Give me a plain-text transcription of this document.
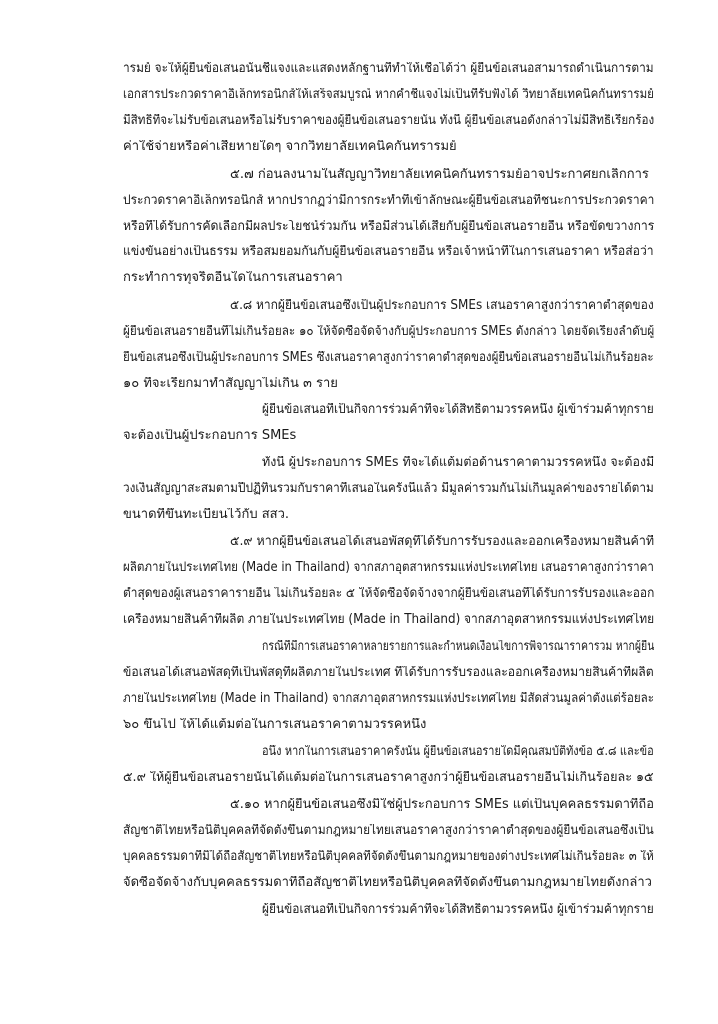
ารมย์ จะให้ผู้ยื่นข้อเสนอนั้นชี้แจงและแสดงหลักฐานที่ทำให้เชื่อได้ว่า ผู้ยื่นข้อเสนอสามารถดำเนินการตาม
เอกสารประกวดราคาอิเล็กทรอนิกส์ให้เสร็จสมบูรณ์ หากคำชี้แจงไม่เป็นที่รับฟังได้ วิทยาลัยเทคนิคกันทรารมย์
มีสิทธิที่จะไม่รับข้อเสนอหรือไม่รับราคาของผู้ยื่นข้อเสนอรายนั้น ทั้งนี้ ผู้ยื่นข้อเสนอดังกล่าวไม่มีสิทธิเรียกร้อง
ค่าใช้จ่ายหรือค่าเสียหายใดๆ จากวิทยาลัยเทคนิคกันทรารมย์
๕.๗ ก่อนลงนามในสัญญาวิทยาลัยเทคนิคกันทรารมย์อาจประกาศยกเลิกการ
ประกวดราคาอิเล็กทรอนิกส์ หากปรากฏว่ามีการกระทำที่เข้าลักษณะผู้ยื่นข้อเสนอที่ชนะการประกวดราคา
หรือที่ได้รับการคัดเลือกมีผลประโยชน์ร่วมกัน หรือมีส่วนได้เสียกับผู้ยื่นข้อเสนอรายอื่น หรือขัดขวางการ
แข่งขันอย่างเป็นธรรม หรือสมยอมกันกับผู้ยื่นข้อเสนอรายอื่น หรือเจ้าหน้าที่ในการเสนอราคา หรือส่อว่า
กระทำการทุจริตอื่นใดในการเสนอราคา
๕.๘ หากผู้ยื่นข้อเสนอซึ่งเป็นผู้ประกอบการ SMEs เสนอราคาสูงกว่าราคาต่ำสุดของ
ผู้ยื่นข้อเสนอรายอื่นที่ไม่เกินร้อยละ ๑๐ ให้จัดซื้อจัดจ้างกับผู้ประกอบการ SMEs ดังกล่าว โดยจัดเรียงลำดับผู้
ยื่นข้อเสนอซึ่งเป็นผู้ประกอบการ SMEs ซึ่งเสนอราคาสูงกว่าราคาต่ำสุดของผู้ยื่นข้อเสนอรายอื่นไม่เกินร้อยละ
๑๐ ที่จะเรียกมาทำสัญญาไม่เกิน ๓ ราย
ผู้ยื่นข้อเสนอที่เป็นกิจการร่วมค้าที่จะได้สิทธิตามวรรคหนึ่ง ผู้เข้าร่วมค้าทุกราย
จะต้องเป็นผู้ประกอบการ SMEs
ทั้งนี้ ผู้ประกอบการ SMEs ที่จะได้แต้มต่อด้านราคาตามวรรคหนึ่ง จะต้องมี
วงเงินสัญญาสะสมตามปีปฏิทินรวมกับราคาที่เสนอในครั้งนี้แล้ว มีมูลค่ารวมกันไม่เกินมูลค่าของรายได้ตาม
ขนาดที่ขึ้นทะเบียนไว้กับ สสว.
๕.๙ หากผู้ยื่นข้อเสนอได้เสนอพัสดุที่ได้รับการรับรองและออกเครื่องหมายสินค้าที่
ผลิตภายในประเทศไทย (Made in Thailand) จากสภาอุตสาหกรรมแห่งประเทศไทย เสนอราคาสูงกว่าราคา
ต่ำสุดของผู้เสนอราคารายอื่น ไม่เกินร้อยละ ๕ ให้จัดซื้อจัดจ้างจากผู้ยื่นข้อเสนอที่ได้รับการรับรองและออก
เครื่องหมายสินค้าที่ผลิต ภายในประเทศไทย (Made in Thailand) จากสภาอุตสาหกรรมแห่งประเทศไทย
กรณีที่มีการเสนอราคาหลายรายการและกำหนดเงื่อนไขการพิจารณาราคารวม หากผู้ยื่น
ข้อเสนอได้เสนอพัสดุที่เป็นพัสดุที่ผลิตภายในประเทศ ที่ได้รับการรับรองและออกเครื่องหมายสินค้าที่ผลิต
ภายในประเทศไทย (Made in Thailand) จากสภาอุตสาหกรรมแห่งประเทศไทย มีสัดส่วนมูลค่าตั้งแต่ร้อยละ
๖๐ ขึ้นไป ให้ได้แต้มต่อในการเสนอราคาตามวรรคหนึ่ง
อนึ่ง หากในการเสนอราคาครั้งนั้น ผู้ยื่นข้อเสนอรายใดมีคุณสมบัติทั้งข้อ ๕.๘ และข้อ
๕.๙ ให้ผู้ยื่นข้อเสนอรายนั้นได้แต้มต่อในการเสนอราคาสูงกว่าผู้ยื่นข้อเสนอรายอื่นไม่เกินร้อยละ ๑๕
๕.๑๐ หากผู้ยื่นข้อเสนอซึ่งมิใช่ผู้ประกอบการ SMEs แต่เป็นบุคคลธรรมดาที่ถือ
สัญชาติไทยหรือนิติบุคคลที่จัดตั้งขึ้นตามกฎหมายไทยเสนอราคาสูงกว่าราคาต่ำสุดของผู้ยื่นข้อเสนอซึ่งเป็น
บุคคลธรรมดาที่มิได้ถือสัญชาติไทยหรือนิติบุคคลที่จัดตั้งขึ้นตามกฎหมายของต่างประเทศไม่เกินร้อยละ ๓ ให้
จัดซื้อจัดจ้างกับบุคคลธรรมดาที่ถือสัญชาติไทยหรือนิติบุคคลที่จัดตั้งขึ้นตามกฎหมายไทยดังกล่าว
ผู้ยื่นข้อเสนอที่เป็นกิจการร่วมค้าที่จะได้สิทธิตามวรรคหนึ่ง ผู้เข้าร่วมค้าทุกราย
